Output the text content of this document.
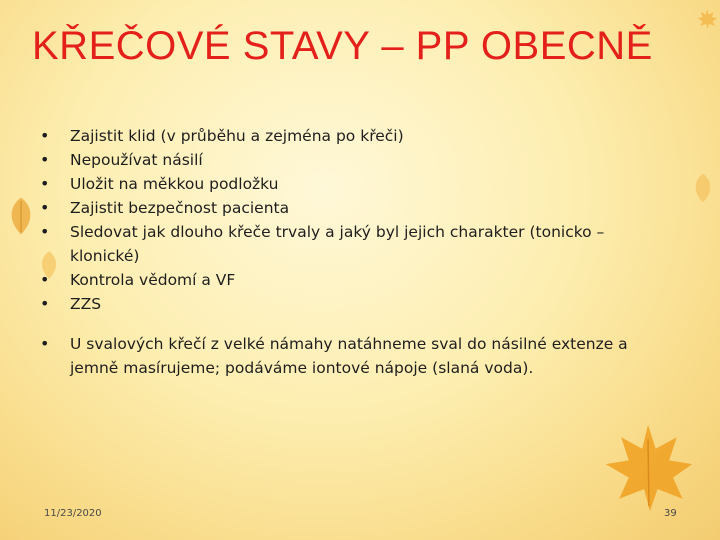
KŘEČOVÉ STAVY – PP OBECNĚ
• Zajistit klid (v průběhu a zejména po křeči)
• Nepoužívat násilí
• Uložit na měkkou podložku
• Zajistit bezpečnost pacienta
• Sledovat jak dlouho křeče trvaly a jaký byl jejich charakter (tonicko – klonické)
• Kontrola vědomí a VF
• ZZS
• U svalových křečí z velké námahy natáhneme sval do násilné extenze a jemně masírujeme; podáváme iontové nápoje (slaná voda).
11/23/2020	39
